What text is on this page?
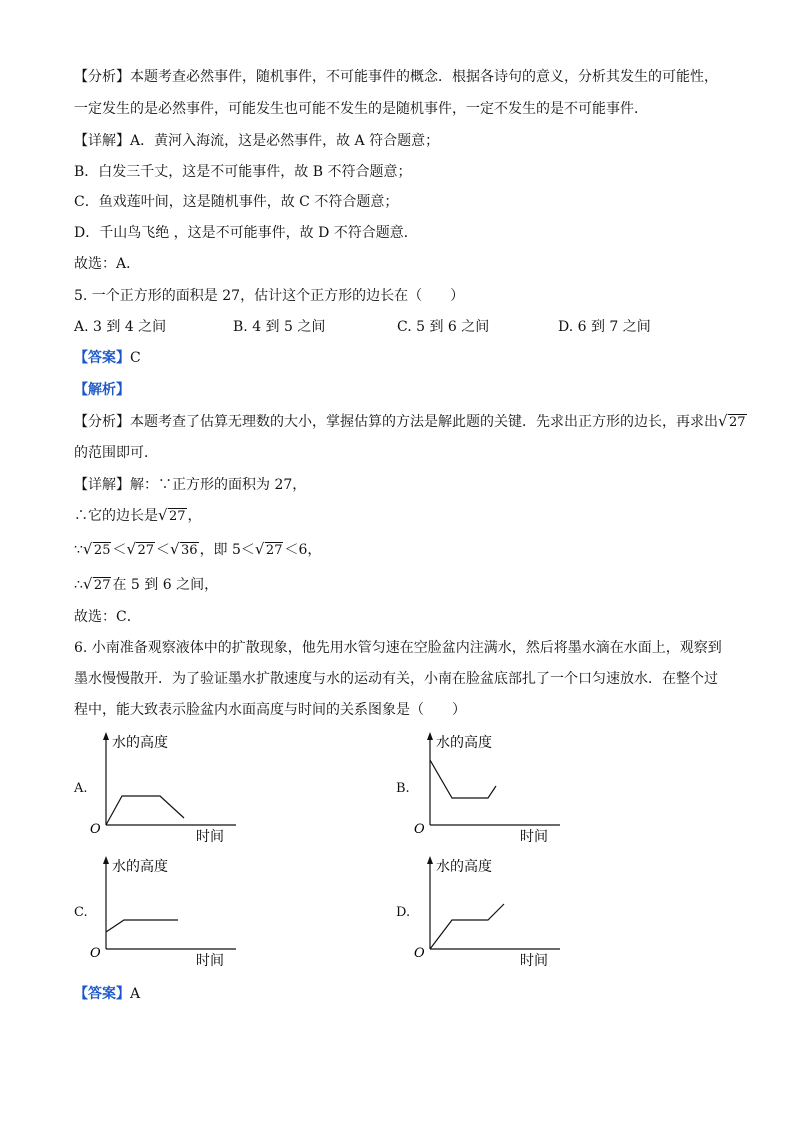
【分析】本题考查必然事件，随机事件，不可能事件的概念．根据各诗句的意义，分析其发生的可能性，
一定发生的是必然事件，可能发生也可能不发生的是随机事件，一定不发生的是不可能事件．
【详解】A．黄河入海流，这是必然事件，故 A 符合题意；
B．白发三千丈，这是不可能事件，故 B 不符合题意；
C．鱼戏莲叶间，这是随机事件，故 C 不符合题意；
D．千山鸟飞绝 ，这是不可能事件，故 D 不符合题意．
故选：A．
5. 一个正方形的面积是 27，估计这个正方形的边长在（　　）
A. 3 到 4 之间	B. 4 到 5 之间	C. 5 到 6 之间	D. 6 到 7 之间
【答案】C
【解析】
【分析】本题考查了估算无理数的大小，掌握估算的方法是解此题的关键．先求出正方形的边长，再求出 √ 27
的范围即可．
【详解】解：∵正方形的面积为 27，
∴它的边长是 √ 27 ，
∵ √ 25 ＜ √ 27 ＜ √ 36 ，即 5＜ √ 27 ＜6，
∴ √ 27 在 5 到 6 之间，
故选：C．
6. 小南准备观察液体中的扩散现象，他先用水管匀速在空脸盆内注满水，然后将墨水滴在水面上，观察到
墨水慢慢散开．为了验证墨水扩散速度与水的运动有关，小南在脸盆底部扎了一个口匀速放水．在整个过
程中，能大致表示脸盆内水面高度与时间的关系图象是（　　）
A.
水的高度
O	时间
B.
水的高度
O	时间
C.
水的高度
O	时间
D.
水的高度
O	时间
【答案】A
